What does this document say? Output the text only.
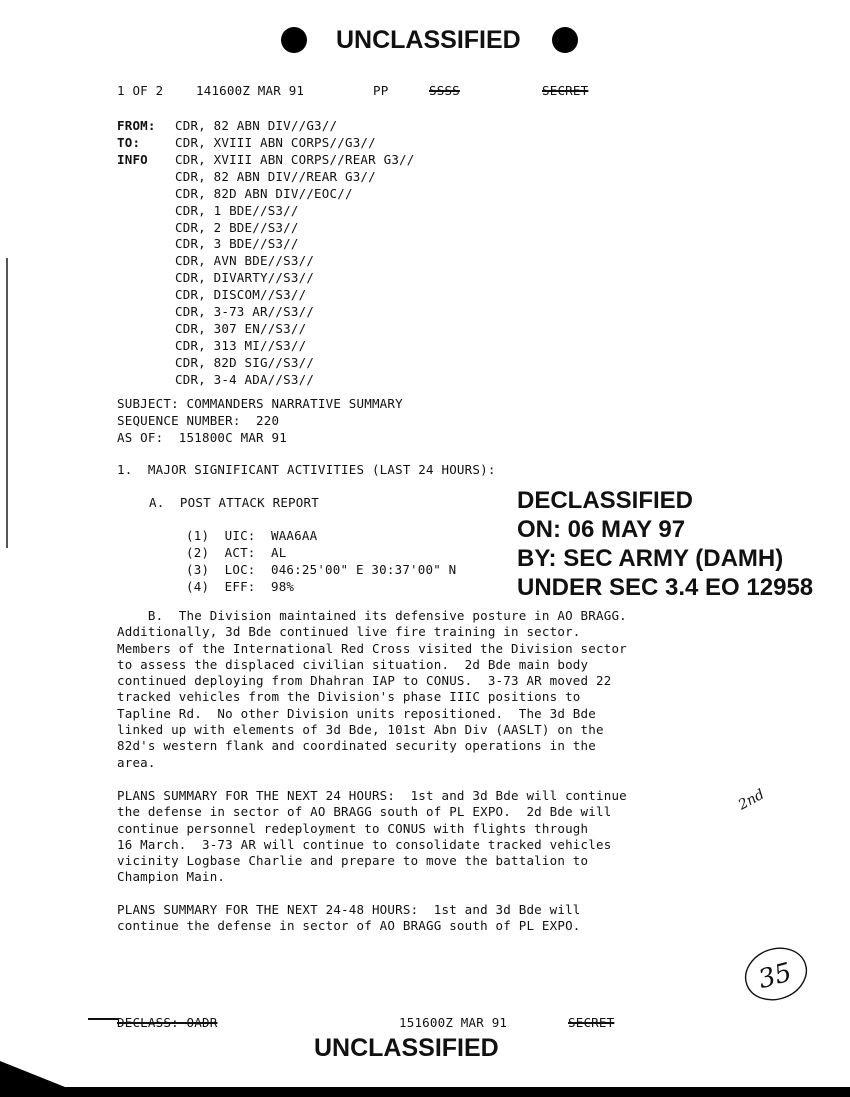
UNCLASSIFIED
1 OF 2	141600Z MAR 91	PP	SSSS	SECRET
FROM: CDR, 82 ABN DIV//G3//
TO:	CDR, XVIII ABN CORPS//G3//
INFO CDR, XVIII ABN CORPS//REAR G3//
CDR, 82 ABN DIV//REAR G3//
CDR, 82D ABN DIV//EOC//
CDR, 1 BDE//S3//
CDR, 2 BDE//S3//
CDR, 3 BDE//S3//
CDR, AVN BDE//S3//
CDR, DIVARTY//S3//
CDR, DISCOM//S3//
CDR, 3-73 AR//S3//
CDR, 307 EN//S3//
CDR, 313 MI//S3//
CDR, 82D SIG//S3//
CDR, 3-4 ADA//S3//
SUBJECT: COMMANDERS NARRATIVE SUMMARY
SEQUENCE NUMBER:  220
AS OF:  151800C MAR 91
1.  MAJOR SIGNIFICANT ACTIVITIES (LAST 24 HOURS):
A.  POST ATTACK REPORT
(1)  UIC:  WAA6AA
(2)  ACT:  AL
(3)  LOC:  046:25'00" E 30:37'00" N
(4)  EFF:  98%
DECLASSIFIED
ON: 06 MAY 97
BY: SEC ARMY (DAMH)
UNDER SEC 3.4 EO 12958
B.  The Division maintained its defensive posture in AO BRAGG.
Additionally, 3d Bde continued live fire training in sector.
Members of the International Red Cross visited the Division sector
to assess the displaced civilian situation.  2d Bde main body
continued deploying from Dhahran IAP to CONUS.  3-73 AR moved 22
tracked vehicles from the Division's phase IIIC positions to
Tapline Rd.  No other Division units repositioned.  The 3d Bde
linked up with elements of 3d Bde, 101st Abn Div (AASLT) on the
82d's western flank and coordinated security operations in the
area.
PLANS SUMMARY FOR THE NEXT 24 HOURS:  1st and 3d Bde will continue
the defense in sector of AO BRAGG south of PL EXPO.  2d Bde will
continue personnel redeployment to CONUS with flights through
16 March.  3-73 AR will continue to consolidate tracked vehicles
vicinity Logbase Charlie and prepare to move the battalion to
Champion Main.
PLANS SUMMARY FOR THE NEXT 24-48 HOURS:  1st and 3d Bde will
continue the defense in sector of AO BRAGG south of PL EXPO.
2nd
35
DECLASS: OADR	151600Z MAR 91	SECRET
UNCLASSIFIED
